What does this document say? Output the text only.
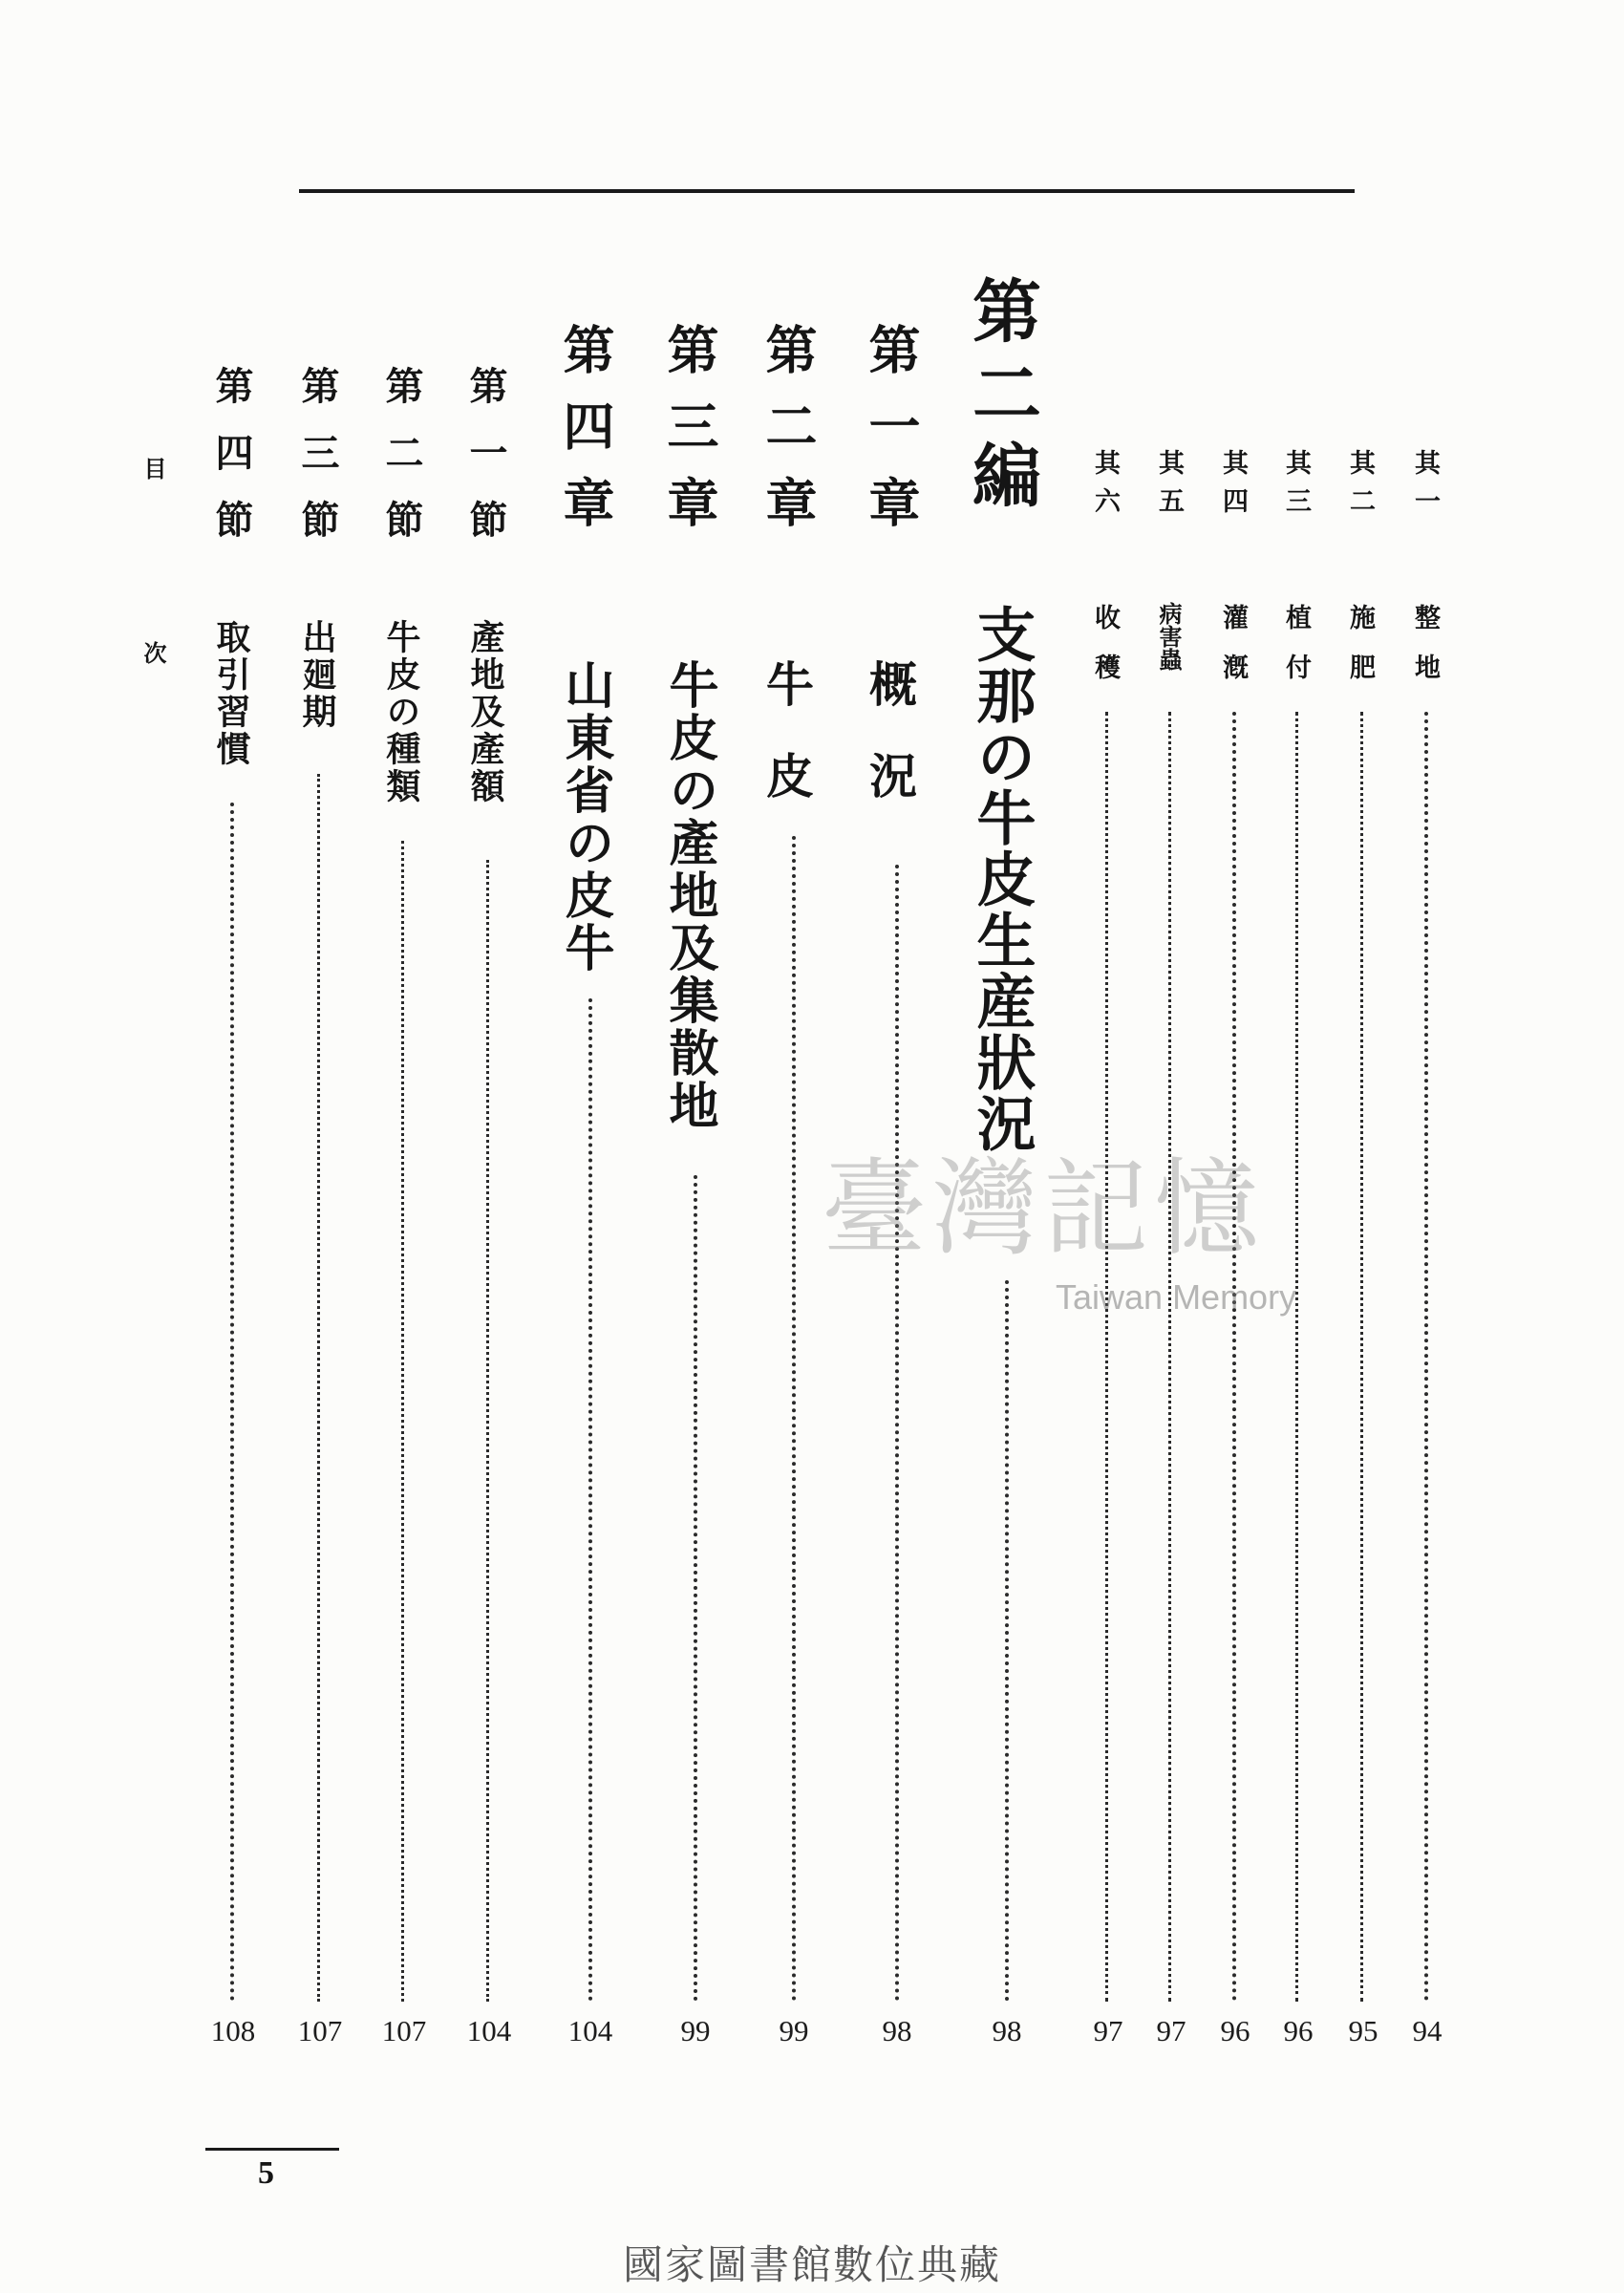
其一
整地
94
其二
施肥
95
其三
植付
96
其四
灌漑
96
其五
病害蟲
97
其六
收穫
97
第二編
支那の牛皮生産狀況
98
第一章
概況
98
第二章
牛皮
99
第三章
牛皮の產地及集散地
99
第四章
山東省の皮牛
104
第一節
產地及產額
104
第二節
牛皮の種類
107
第三節
出廻期
107
第四節
取引習慣
108
目 次
臺灣記憶
Taiwan Memory
5
國家圖書館數位典藏
